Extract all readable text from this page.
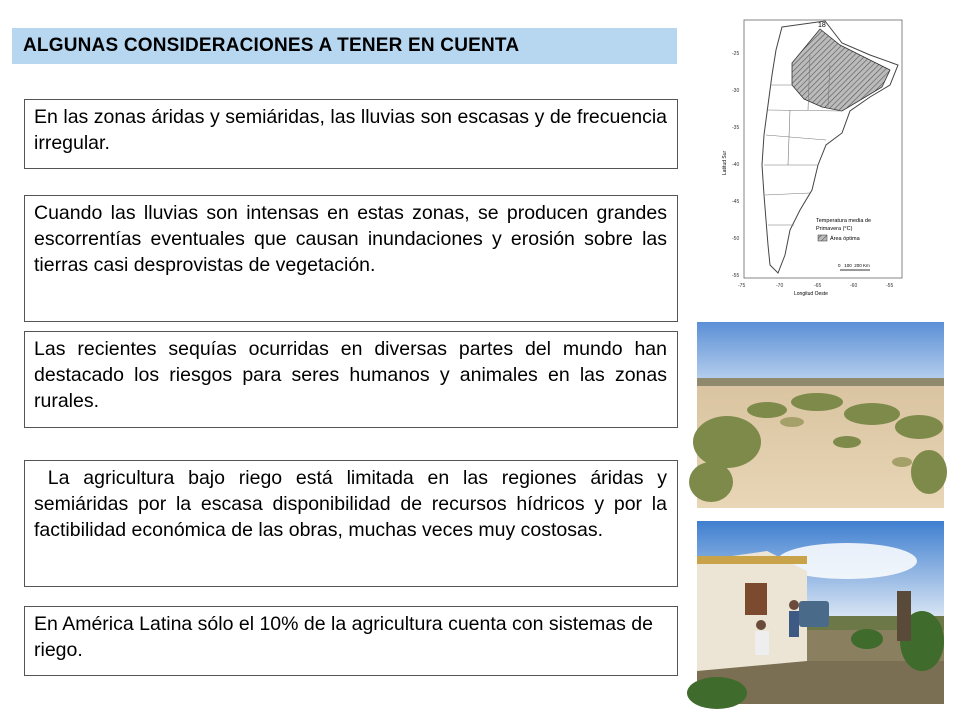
ALGUNAS CONSIDERACIONES A TENER EN CUENTA

En las zonas áridas y semiáridas, las lluvias son escasas y de frecuencia irregular.

Cuando las lluvias son intensas en estas zonas, se producen grandes escorrentías eventuales que causan inundaciones y erosión sobre las tierras casi desprovistas de vegetación.

Las recientes sequías ocurridas en diversas partes del mundo han destacado los riesgos para seres humanos y animales en las zonas rurales.

La agricultura bajo riego está limitada en las regiones áridas y semiáridas por la escasa disponibilidad de recursos hídricos y por la factibilidad económica de las obras, muchas veces muy costosas.

En América Latina sólo el 10% de la agricultura cuenta con sistemas de riego.

18
-25
-30
-35
-40
-45
-50
-55
-75	-70	-65	-60	-55
Latitud Sur
Longitud Oeste
Temperatura media de
Primavera (°C)
Área óptima
0   100  200 Km
